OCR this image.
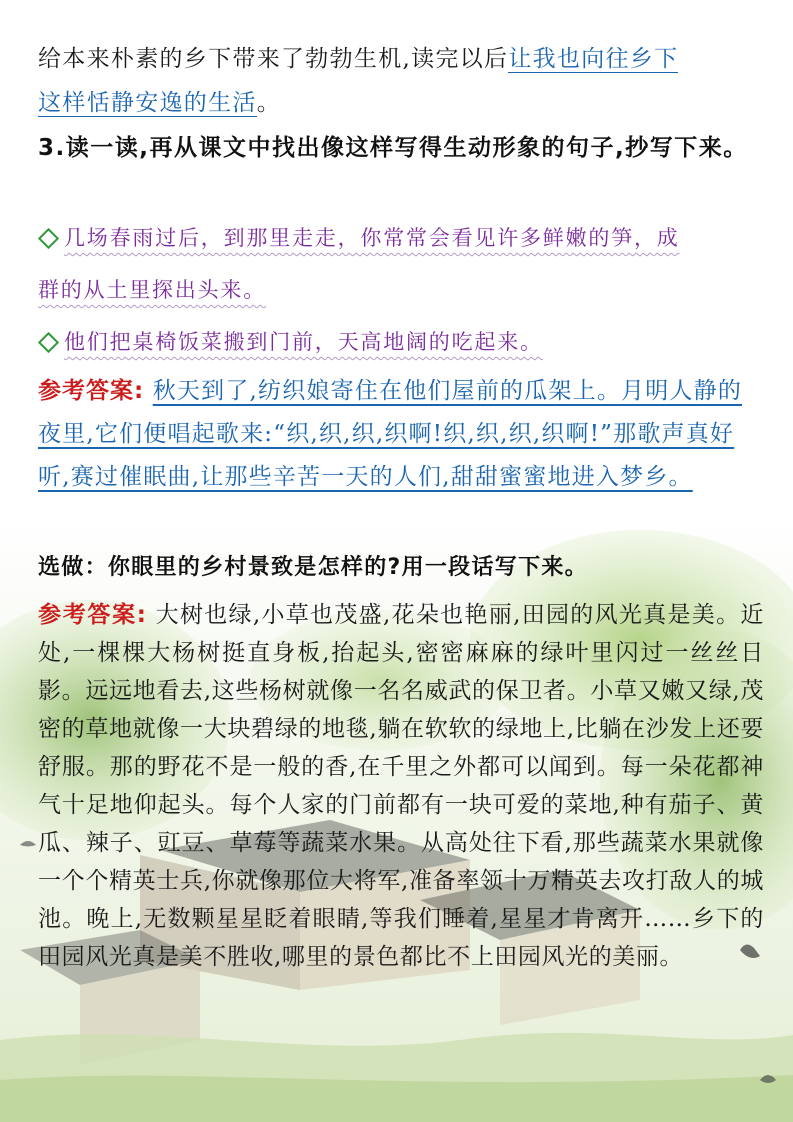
给本来朴素的乡下带来了勃勃生机,读完以后让我也向往乡下
这样恬静安逸的生活。
3.读一读,再从课文中找出像这样写得生动形象的句子,抄写下来。
几场春雨过后，到那里走走，你常常会看见许多鲜嫩的笋，成
群的从土里探出头来。
他们把桌椅饭菜搬到门前，天高地阔的吃起来。
参考答案: 秋天到了,纺织娘寄住在他们屋前的瓜架上。月明人静的夜里,它们便唱起歌来:“织,织,织,织啊!织,织,织,织啊!”那歌声真好听,赛过催眠曲,让那些辛苦一天的人们,甜甜蜜蜜地进入梦乡。
选做：你眼里的乡村景致是怎样的?用一段话写下来。
参考答案: 大树也绿,小草也茂盛,花朵也艳丽,田园的风光真是美。近处,一棵棵大杨树挺直身板,抬起头,密密麻麻的绿叶里闪过一丝丝日影。远远地看去,这些杨树就像一名名威武的保卫者。小草又嫩又绿,茂密的草地就像一大块碧绿的地毯,躺在软软的绿地上,比躺在沙发上还要舒服。那的野花不是一般的香,在千里之外都可以闻到。每一朵花都神气十足地仰起头。每个人家的门前都有一块可爱的菜地,种有茄子、黄瓜、辣子、豇豆、草莓等蔬菜水果。从高处往下看,那些蔬菜水果就像一个个精英士兵,你就像那位大将军,准备率领十万精英去攻打敌人的城池。晚上,无数颗星星眨着眼睛,等我们睡着,星星才肯离开……乡下的田园风光真是美不胜收,哪里的景色都比不上田园风光的美丽。
